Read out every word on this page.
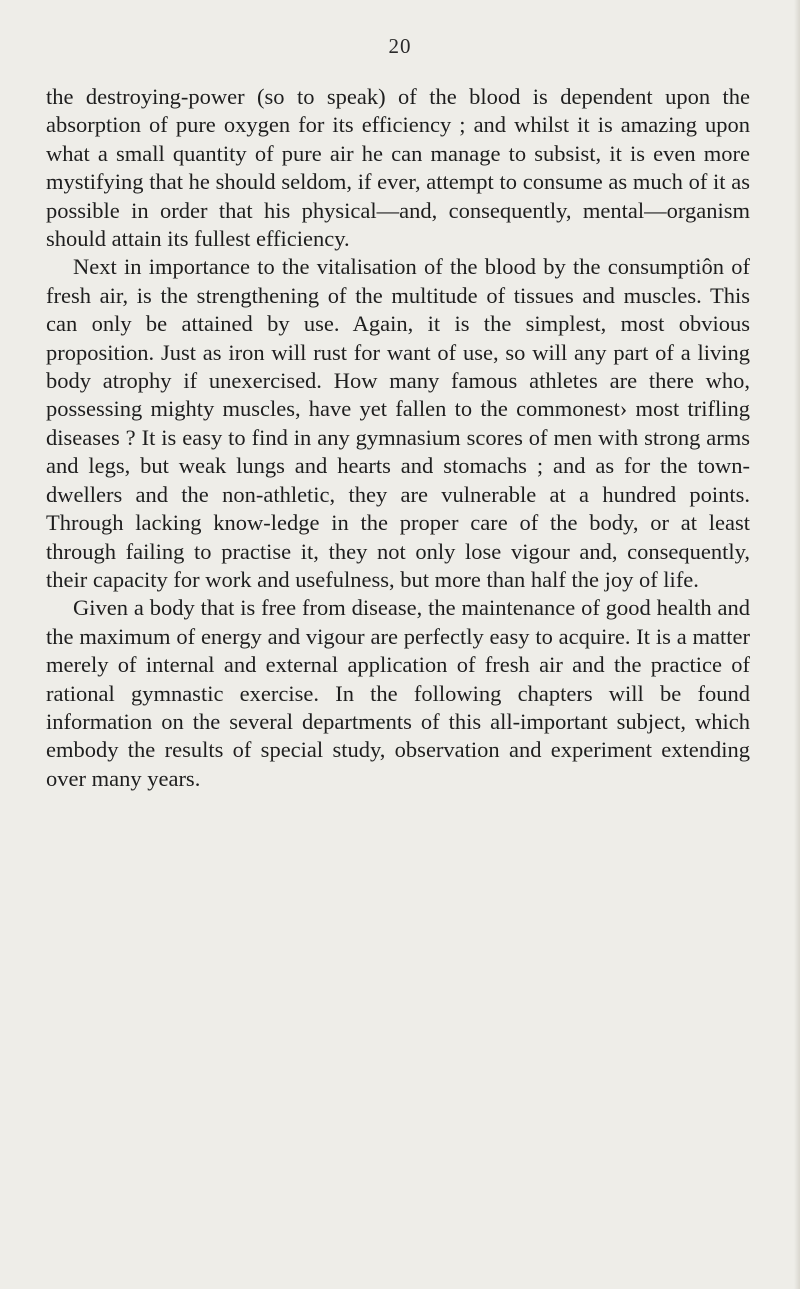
20

the destroying-power (so to speak) of the blood is dependent upon the absorption of pure oxygen for its efficiency ; and whilst it is amazing upon what a small quantity of pure air he can manage to subsist, it is even more mystifying that he should seldom, if ever, attempt to consume as much of it as possible in order that his physical—and, consequently, mental—organism should attain its fullest efficiency.

Next in importance to the vitalisation of the blood by the consumptiôn of fresh air, is the strengthening of the multitude of tissues and muscles. This can only be attained by use. Again, it is the simplest, most obvious proposition. Just as iron will rust for want of use, so will any part of a living body atrophy if unexercised. How many famous athletes are there who, possessing mighty muscles, have yet fallen to the commonest› most trifling diseases ? It is easy to find in any gymnasium scores of men with strong arms and legs, but weak lungs and hearts and stomachs ; and as for the town-dwellers and the non-athletic, they are vulnerable at a hundred points. Through lacking know-ledge in the proper care of the body, or at least through failing to practise it, they not only lose vigour and, consequently, their capacity for work and usefulness, but more than half the joy of life.

Given a body that is free from disease, the maintenance of good health and the maximum of energy and vigour are perfectly easy to acquire. It is a matter merely of internal and external application of fresh air and the practice of rational gymnastic exercise. In the following chapters will be found information on the several departments of this all-important subject, which embody the results of special study, observation and experiment extending over many years.
